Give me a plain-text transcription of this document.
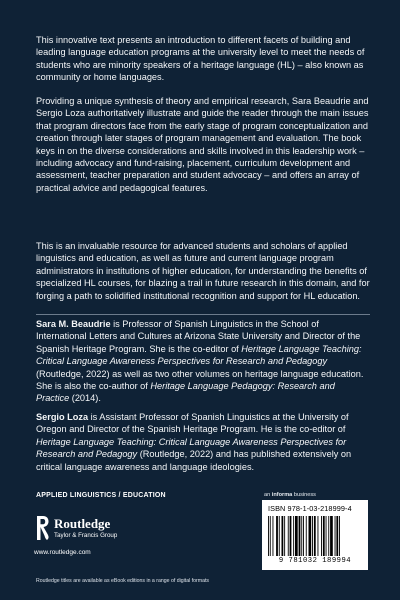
This innovative text presents an introduction to different facets of building and leading language education programs at the university level to meet the needs of students who are minority speakers of a heritage language (HL) – also known as community or home languages.

Providing a unique synthesis of theory and empirical research, Sara Beaudrie and Sergio Loza authoritatively illustrate and guide the reader through the main issues that program directors face from the early stage of program conceptualization and creation through later stages of program management and evaluation. The book keys in on the diverse considerations and skills involved in this leadership work – including advocacy and fund-raising, placement, curriculum development and assessment, teacher preparation and student advocacy – and offers an array of practical advice and pedagogical features.

This is an invaluable resource for advanced students and scholars of applied linguistics and education, as well as future and current language program administrators in institutions of higher education, for understanding the benefits of specialized HL courses, for blazing a trail in future research in this domain, and for forging a path to solidified institutional recognition and support for HL education.

Sara M. Beaudrie is Professor of Spanish Linguistics in the School of International Letters and Cultures at Arizona State University and Director of the Spanish Heritage Program. She is the co-editor of Heritage Language Teaching: Critical Language Awareness Perspectives for Research and Pedagogy (Routledge, 2022) as well as two other volumes on heritage language education. She is also the co-author of Heritage Language Pedagogy: Research and Practice (2014).

Sergio Loza is Assistant Professor of Spanish Linguistics at the University of Oregon and Director of the Spanish Heritage Program. He is the co-editor of Heritage Language Teaching: Critical Language Awareness Perspectives for Research and Pedagogy (Routledge, 2022) and has published extensively on critical language awareness and language ideologies.

APPLIED LINGUISTICS / EDUCATION	an informa business
Routledge
Taylor & Francis Group
www.routledge.com
ISBN 978-1-03-218999-4
9 781032 189994
Routledge titles are available as eBook editions in a range of digital formats
